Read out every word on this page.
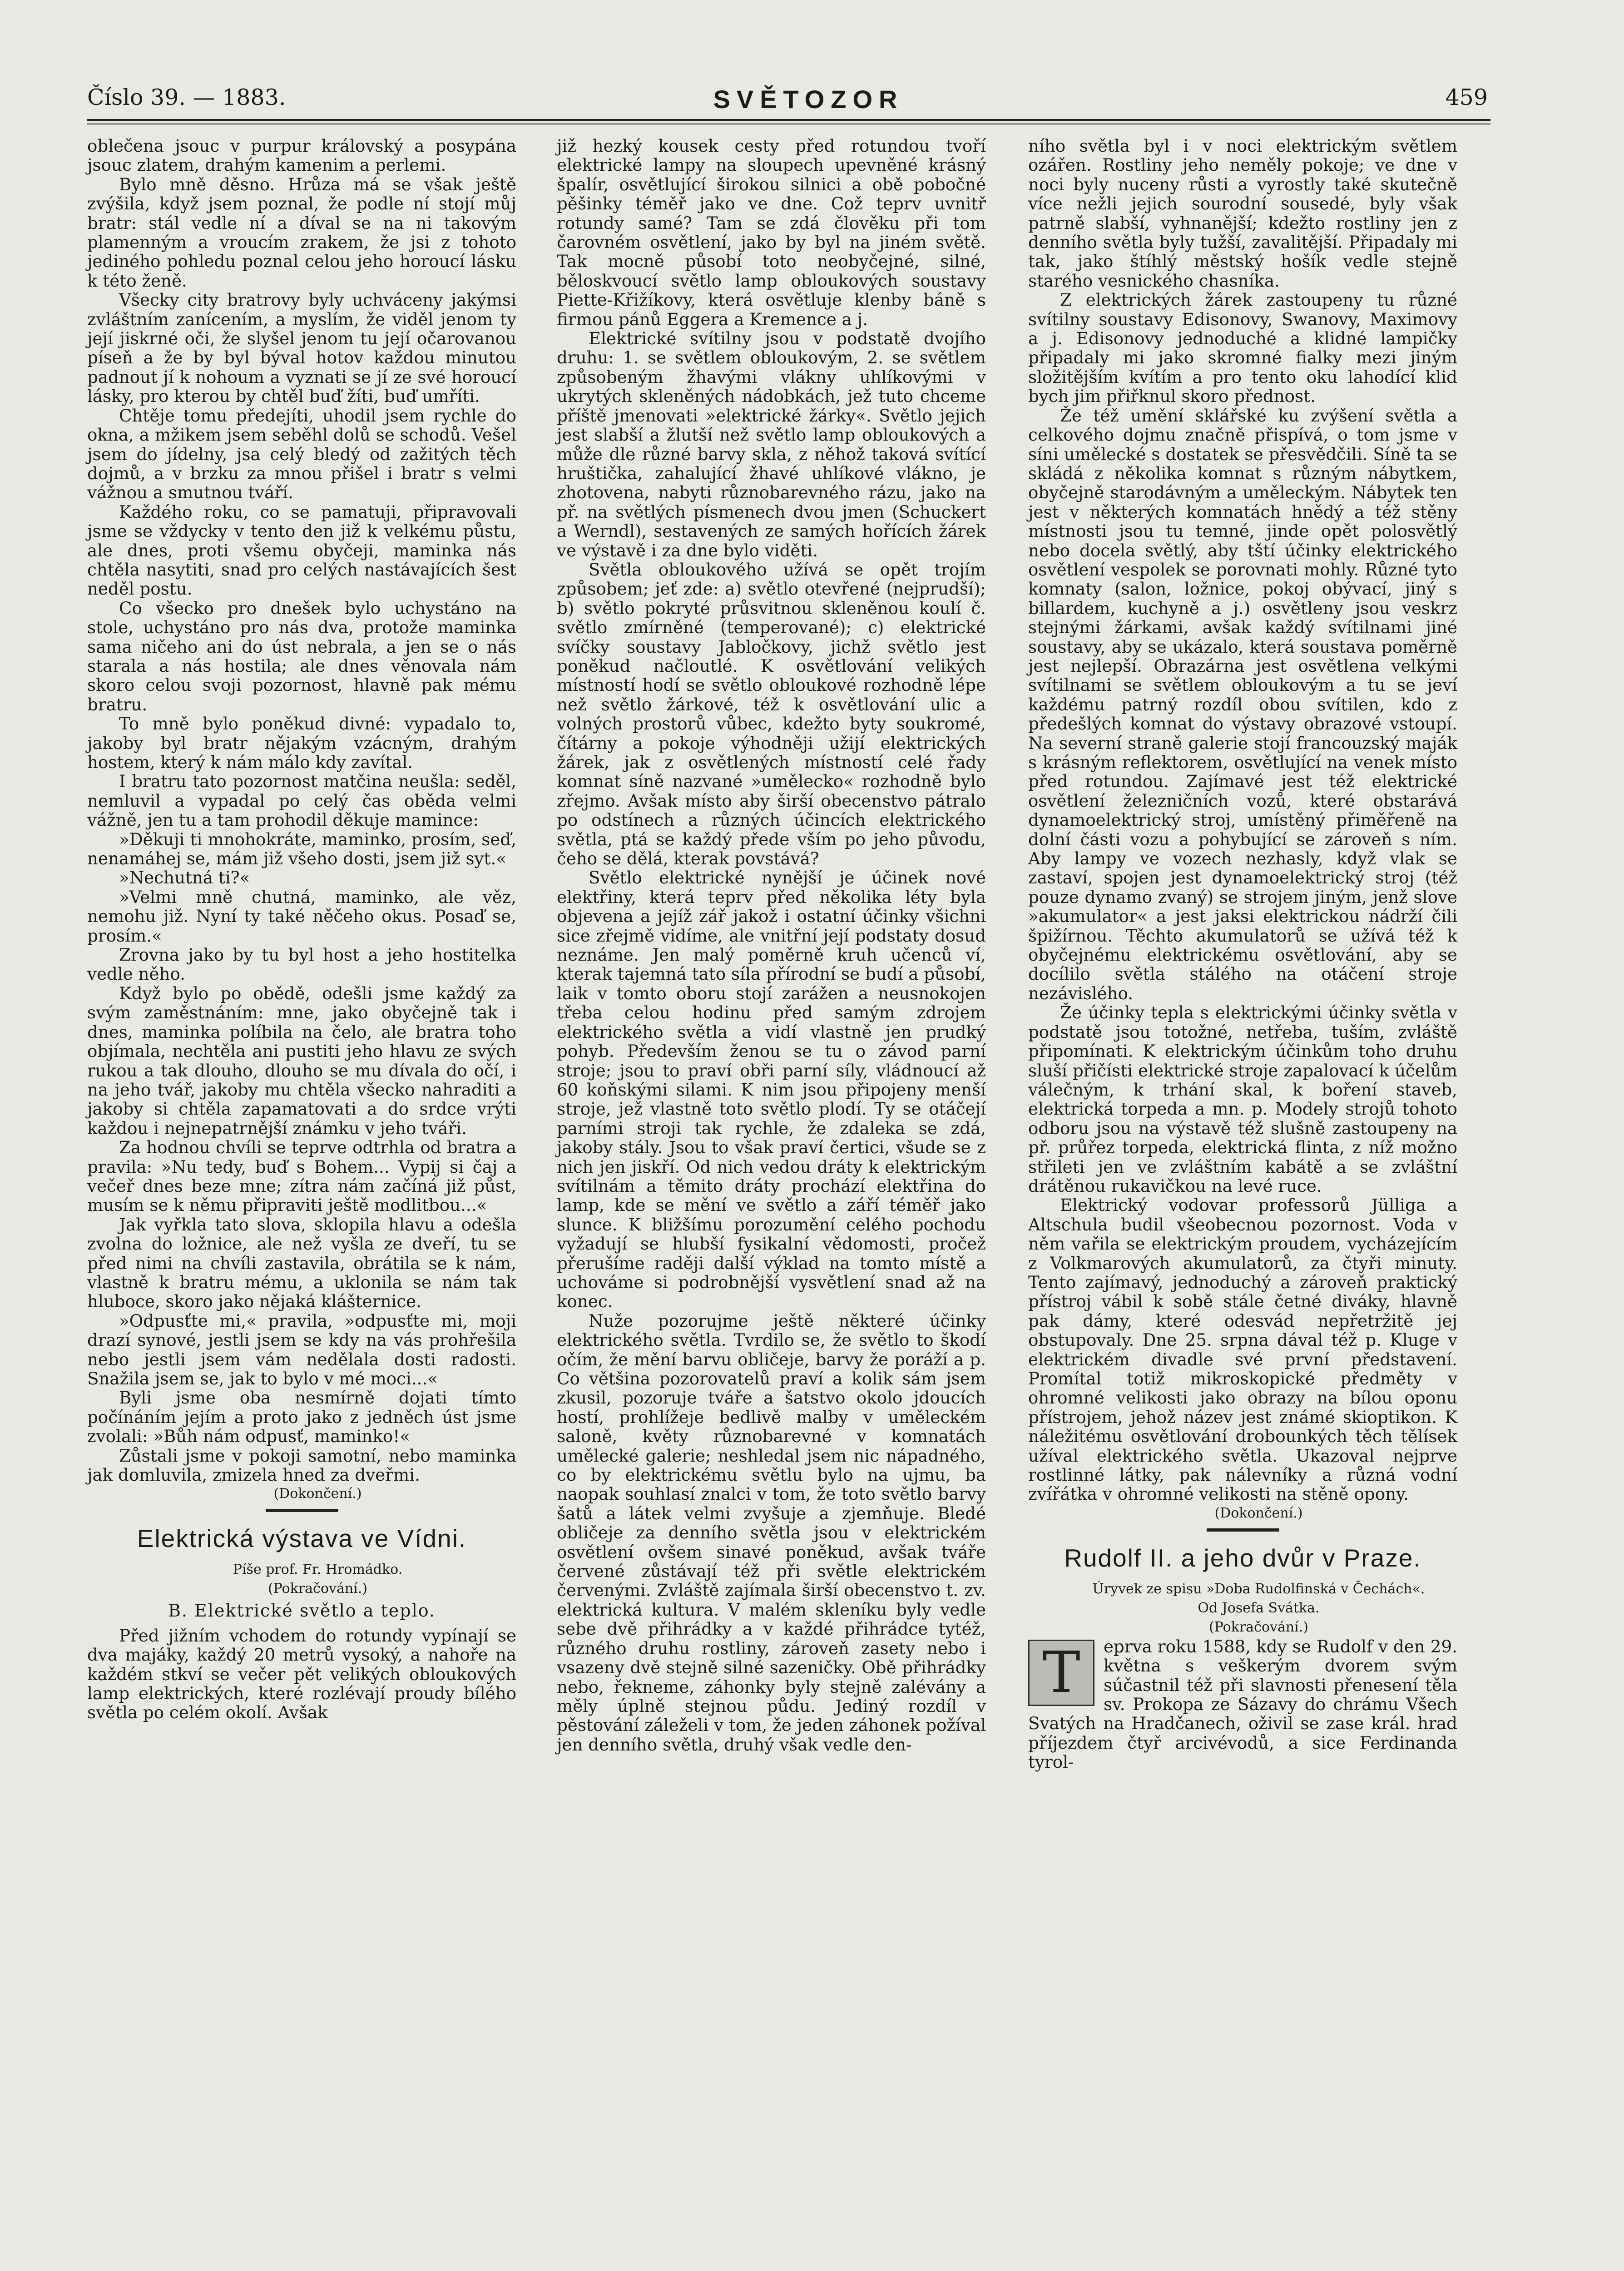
Číslo 39. — 1883.	SVĚTOZOR	459

oblečena jsouc v purpur královský a posypána jsouc zlatem, drahým kamenim a perlemi.

Bylo mně děsno. Hrůza má se však ještě zvýšila, když jsem poznal, že podle ní stojí můj bratr: stál vedle ní a díval se na ni takovým plamenným a vroucím zrakem, že jsi z tohoto jediného pohledu poznal celou jeho horoucí lásku k této ženě.

Všecky city bratrovy byly uchváceny jakýmsi zvláštním zanícením, a myslím, že viděl jenom ty její jiskrné oči, že slyšel jenom tu její očarovanou píseň a že by byl býval hotov každou minutou padnout jí k nohoum a vyznati se jí ze své horoucí lásky, pro kterou by chtěl buď žíti, buď umříti.

Chtěje tomu předejíti, uhodil jsem rychle do okna, a mžikem jsem seběhl dolů se schodů. Vešel jsem do jídelny, jsa celý bledý od zažitých těch dojmů, a v brzku za mnou přišel i bratr s velmi vážnou a smutnou tváří.

Každého roku, co se pamatuji, připravovali jsme se vždycky v tento den již k velkému půstu, ale dnes, proti všemu obyčeji, maminka nás chtěla nasytiti, snad pro celých nastávajících šest neděl postu.

Co všecko pro dnešek bylo uchystáno na stole, uchystáno pro nás dva, protože maminka sama ničeho ani do úst nebrala, a jen se o nás starala a nás hostila; ale dnes věnovala nám skoro celou svoji pozornost, hlavně pak mému bratru.

To mně bylo poněkud divné: vypadalo to, jakoby byl bratr nějakým vzácným, drahým hostem, který k nám málo kdy zavítal.

I bratru tato pozornost matčina neušla: seděl, nemluvil a vypadal po celý čas oběda velmi vážně, jen tu a tam prohodil děkuje mamince:

»Děkuji ti mnohokráte, maminko, prosím, seď, nenamáhej se, mám již všeho dosti, jsem již syt.«

»Nechutná ti?«

»Velmi mně chutná, maminko, ale věz, nemohu již. Nyní ty také něčeho okus. Posaď se, prosím.«

Zrovna jako by tu byl host a jeho hostitelka vedle něho.

Když bylo po obědě, odešli jsme každý za svým zaměstnáním: mne, jako obyčejně tak i dnes, maminka políbila na čelo, ale bratra toho objímala, nechtěla ani pustiti jeho hlavu ze svých rukou a tak dlouho, dlouho se mu dívala do očí, i na jeho tvář, jakoby mu chtěla všecko nahraditi a jakoby si chtěla zapamatovati a do srdce vrýti každou i nejnepatrnější známku v jeho tváři.

Za hodnou chvíli se teprve odtrhla od bratra a pravila: »Nu tedy, buď s Bohem... Vypij si čaj a večeř dnes beze mne; zítra nám začíná již půst, musím se k němu připraviti ještě modlitbou...«

Jak vyřkla tato slova, sklopila hlavu a odešla zvolna do ložnice, ale než vyšla ze dveří, tu se před nimi na chvíli zastavila, obrátila se k nám, vlastně k bratru mému, a uklonila se nám tak hluboce, skoro jako nějaká klášternice.

»Odpusťte mi,« pravila, »odpusťte mi, moji drazí synové, jestli jsem se kdy na vás prohřešila nebo jestli jsem vám nedělala dosti radosti. Snažila jsem se, jak to bylo v mé moci...«

Byli jsme oba nesmírně dojati tímto počínáním jejím a proto jako z jedněch úst jsme zvolali: »Bůh nám odpusť, maminko!«

Zůstali jsme v pokoji samotní, nebo maminka jak domluvila, zmizela hned za dveřmi.

(Dokončení.)

Elektrická výstava ve Vídni.

Píše prof. Fr. Hromádko.

(Pokračování.)

B. Elektrické světlo a teplo.

Před jižním vchodem do rotundy vypínají se dva majáky, každý 20 metrů vysoký, a nahoře na každém stkví se večer pět velikých obloukových lamp elektrických, které rozlévají proudy bílého světla po celém okolí. Avšak

již hezký kousek cesty před rotundou tvoří elektrické lampy na sloupech upevněné krásný špalír, osvětlující širokou silnici a obě pobočné pěšinky téměř jako ve dne. Což teprv uvnitř rotundy samé? Tam se zdá člověku při tom čarovném osvětlení, jako by byl na jiném světě. Tak mocně působí toto neobyčejné, silné, běloskvoucí světlo lamp obloukových soustavy Piette-Křižíkovy, která osvětluje klenby báně s firmou pánů Eggera a Kremence a j.

Elektrické svítilny jsou v podstatě dvojího druhu: 1. se světlem obloukovým, 2. se světlem způsobeným žhavými vlákny uhlíkovými v ukrytých skleněných nádobkách, jež tuto chceme příště jmenovati »elektrické žárky«. Světlo jejich jest slabší a žlutší než světlo lamp obloukových a může dle různé barvy skla, z něhož taková svítící hruštička, zahalující žhavé uhlíkové vlákno, je zhotovena, nabyti různobarevného rázu, jako na př. na světlých písmenech dvou jmen (Schuckert a Werndl), sestavených ze samých hořících žárek ve výstavě i za dne bylo viděti.

Světla obloukového užívá se opět trojím způsobem; jeť zde: a) světlo otevřené (nejprudší); b) světlo pokryté průsvitnou skleněnou koulí č. světlo zmírněné (temperované); c) elektrické svíčky soustavy Jabločkovy, jichž světlo jest poněkud načloutlé. K osvětlování velikých místností hodí se světlo obloukové rozhodně lépe než světlo žárkové, též k osvětlování ulic a volných prostorů vůbec, kdežto byty soukromé, čítárny a pokoje výhodněji užijí elektrických žárek, jak z osvětlených místností celé řady komnat síně nazvané »umělecko« rozhodně bylo zřejmo. Avšak místo aby širší obecenstvo pátralo po odstínech a různých účincích elektrického světla, ptá se každý přede vším po jeho původu, čeho se dělá, kterak povstává?

Světlo elektrické nynější je účinek nové elektřiny, která teprv před několika léty byla objevena a jejíž zář jakož i ostatní účinky všichni sice zřejmě vidíme, ale vnitřní její podstaty dosud neznáme. Jen malý poměrně kruh učenců ví, kterak tajemná tato síla přírodní se budí a působí, laik v tomto oboru stojí zarážen a neusnokojen třeba celou hodinu před samým zdrojem elektrického světla a vidí vlastně jen prudký pohyb. Především ženou se tu o závod parní stroje; jsou to praví obři parní síly, vládnoucí až 60 koňskými silami. K nim jsou připojeny menší stroje, jež vlastně toto světlo plodí. Ty se otáčejí parními stroji tak rychle, že zdaleka se zdá, jakoby stály. Jsou to však praví čertici, všude se z nich jen jiskří. Od nich vedou dráty k elektrickým svítilnám a těmito dráty prochází elektřina do lamp, kde se mění ve světlo a září téměř jako slunce. K bližšímu porozumění celého pochodu vyžadují se hlubší fysikalní vědomosti, pročež přerušíme raději další výklad na tomto místě a uchováme si podrobnější vysvětlení snad až na konec.

Nuže pozorujme ještě některé účinky elektrického světla. Tvrdilo se, že světlo to škodí očím, že mění barvu obličeje, barvy že poráží a p. Co většina pozorovatelů praví a kolik sám jsem zkusil, pozoruje tváře a šatstvo okolo jdoucích hostí, prohlížeje bedlivě malby v uměleckém saloně, květy různobarevné v komnatách umělecké galerie; neshledal jsem nic nápadného, co by elektrickému světlu bylo na ujmu, ba naopak souhlasí znalci v tom, že toto světlo barvy šatů a látek velmi zvyšuje a zjemňuje. Bledé obličeje za denního světla jsou v elektrickém osvětlení ovšem sinavé poněkud, avšak tváře červené zůstávají též při světle elektrickém červenými. Zvláště zajímala širší obecenstvo t. zv. elektrická kultura. V malém skleníku byly vedle sebe dvě přihrádky a v každé přihrádce tytéž, různého druhu rostliny, zároveň zasety nebo i vsazeny dvě stejně silné sazeničky. Obě přihrádky nebo, řekneme, záhonky byly stejně zalévány a měly úplně stejnou půdu. Jediný rozdíl v pěstování záleželi v tom, že jeden záhonek požíval jen denního světla, druhý však vedle den-

ního světla byl i v noci elektrickým světlem ozářen. Rostliny jeho neměly pokoje; ve dne v noci byly nuceny růsti a vyrostly také skutečně více nežli jejich sourodní sousedé, byly však patrně slabší, vyhnanější; kdežto rostliny jen z denního světla byly tužší, zavalitější. Připadaly mi tak, jako štíhlý městský hošík vedle stejně starého vesnického chasníka.

Z elektrických žárek zastoupeny tu různé svítilny soustavy Edisonovy, Swanovy, Maximovy a j. Edisonovy jednoduché a klidné lampičky připadaly mi jako skromné fialky mezi jiným složitějším kvítím a pro tento oku lahodící klid bych jim přiřknul skoro přednost.

Že též umění sklářské ku zvýšení světla a celkového dojmu značně přispívá, o tom jsme v síni umělecké s dostatek se přesvědčili. Síně ta se skládá z několika komnat s různým nábytkem, obyčejně starodávným a uměleckým. Nábytek ten jest v některých komnatách hnědý a též stěny místnosti jsou tu temné, jinde opět polosvětlý nebo docela světlý, aby tští účinky elektrického osvětlení vespolek se porovnati mohly. Různé tyto komnaty (salon, ložnice, pokoj obývací, jiný s billardem, kuchyně a j.) osvětleny jsou veskrz stejnými žárkami, avšak každý svítilnami jiné soustavy, aby se ukázalo, která soustava poměrně jest nejlepší. Obrazárna jest osvětlena velkými svítilnami se světlem obloukovým a tu se jeví každému patrný rozdíl obou svítilen, kdo z předešlých komnat do výstavy obrazové vstoupí. Na severní straně galerie stojí francouzský maják s krásným reflektorem, osvětlující na venek místo před rotundou. Zajímavé jest též elektrické osvětlení železničních vozů, které obstarává dynamoelektrický stroj, umístěný přiměřeně na dolní části vozu a pohybující se zároveň s ním. Aby lampy ve vozech nezhasly, když vlak se zastaví, spojen jest dynamoelektrický stroj (též pouze dynamo zvaný) se strojem jiným, jenž slove »akumulator« a jest jaksi elektrickou nádrží čili špižírnou. Těchto akumulatorů se užívá též k obyčejnému elektrickému osvětlování, aby se docílilo světla stálého na otáčení stroje nezávislého.

Že účinky tepla s elektrickými účinky světla v podstatě jsou totožné, netřeba, tuším, zvláště připomínati. K elektrickým účinkům toho druhu sluší přičísti elektrické stroje zapalovací k účelům válečným, k trhání skal, k boření staveb, elektrická torpeda a mn. p. Modely strojů tohoto odboru jsou na výstavě též slušně zastoupeny na př. průřez torpeda, elektrická flinta, z níž možno střileti jen ve zvláštním kabátě a se zvláštní drátěnou rukavičkou na levé ruce.

Elektrický vodovar professorů Jülliga a Altschula budil všeobecnou pozornost. Voda v něm vařila se elektrickým proudem, vycházejícím z Volkmarových akumulatorů, za čtyři minuty. Tento zajímavý, jednoduchý a zároveň praktický přístroj vábil k sobě stále četné diváky, hlavně pak dámy, které odesvád nepřetržitě jej obstupovaly. Dne 25. srpna dával též p. Kluge v elektrickém divadle své první představení. Promítal totiž mikroskopické předměty v ohromné velikosti jako obrazy na bílou oponu přístrojem, jehož název jest známé skioptikon. K náležitému osvětlování drobounkých těch tělísek užíval elektrického světla. Ukazoval nejprve rostlinné látky, pak nálevníky a různá vodní zvířátka v ohromné velikosti na stěně opony.

(Dokončení.)

Rudolf II. a jeho dvůr v Praze.

Úryvek ze spisu »Doba Rudolfinská v Čechách«.

Od Josefa Svátka.

(Pokračování.)

T	eprva roku 1588, kdy se Rudolf v den 29. května s veškerým dvorem svým súčastnil též při slavnosti přenesení těla sv. Prokopa ze Sázavy do chrámu Všech Svatých na Hradčanech, oživil se zase král. hrad příjezdem čtyř arcivévodů, a sice Ferdinanda tyrol-
